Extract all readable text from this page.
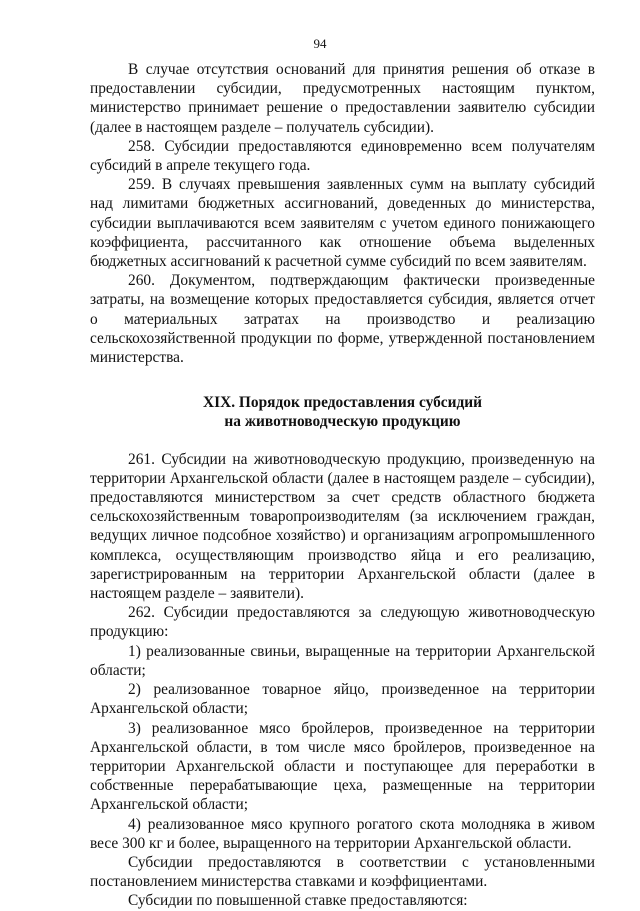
94

В случае отсутствия оснований для принятия решения об отказе в предоставлении субсидии, предусмотренных настоящим пунктом, министерство принимает решение о предоставлении заявителю субсидии (далее в настоящем разделе – получатель субсидии).

258. Субсидии предоставляются единовременно всем получателям субсидий в апреле текущего года.

259. В случаях превышения заявленных сумм на выплату субсидий над лимитами бюджетных ассигнований, доведенных до министерства, субсидии выплачиваются всем заявителям с учетом единого понижающего коэффициента, рассчитанного как отношение объема выделенных бюджетных ассигнований к расчетной сумме субсидий по всем заявителям.

260. Документом, подтверждающим фактически произведенные затраты, на возмещение которых предоставляется субсидия, является отчет о материальных затратах на производство и реализацию сельскохозяйственной продукции по форме, утвержденной постановлением министерства.

XIX. Порядок предоставления субсидий
на животноводческую продукцию

261. Субсидии на животноводческую продукцию, произведенную на территории Архангельской области (далее в настоящем разделе – субсидии), предоставляются министерством за счет средств областного бюджета сельскохозяйственным товаропроизводителям (за исключением граждан, ведущих личное подсобное хозяйство) и организациям агропромышленного комплекса, осуществляющим производство яйца и его реализацию, зарегистрированным на территории Архангельской области (далее в настоящем разделе – заявители).

262. Субсидии предоставляются за следующую животноводческую продукцию:

1) реализованные свиньи, выращенные на территории Архангельской области;

2) реализованное товарное яйцо, произведенное на территории Архангельской области;

3) реализованное мясо бройлеров, произведенное на территории Архангельской области, в том числе мясо бройлеров, произведенное на территории Архангельской области и поступающее для переработки в собственные перерабатывающие цеха, размещенные на территории Архангельской области;

4) реализованное мясо крупного рогатого скота молодняка в живом весе 300 кг и более, выращенного на территории Архангельской области.

Субсидии предоставляются в соответствии с установленными постановлением министерства ставками и коэффициентами.

Субсидии по повышенной ставке предоставляются:
